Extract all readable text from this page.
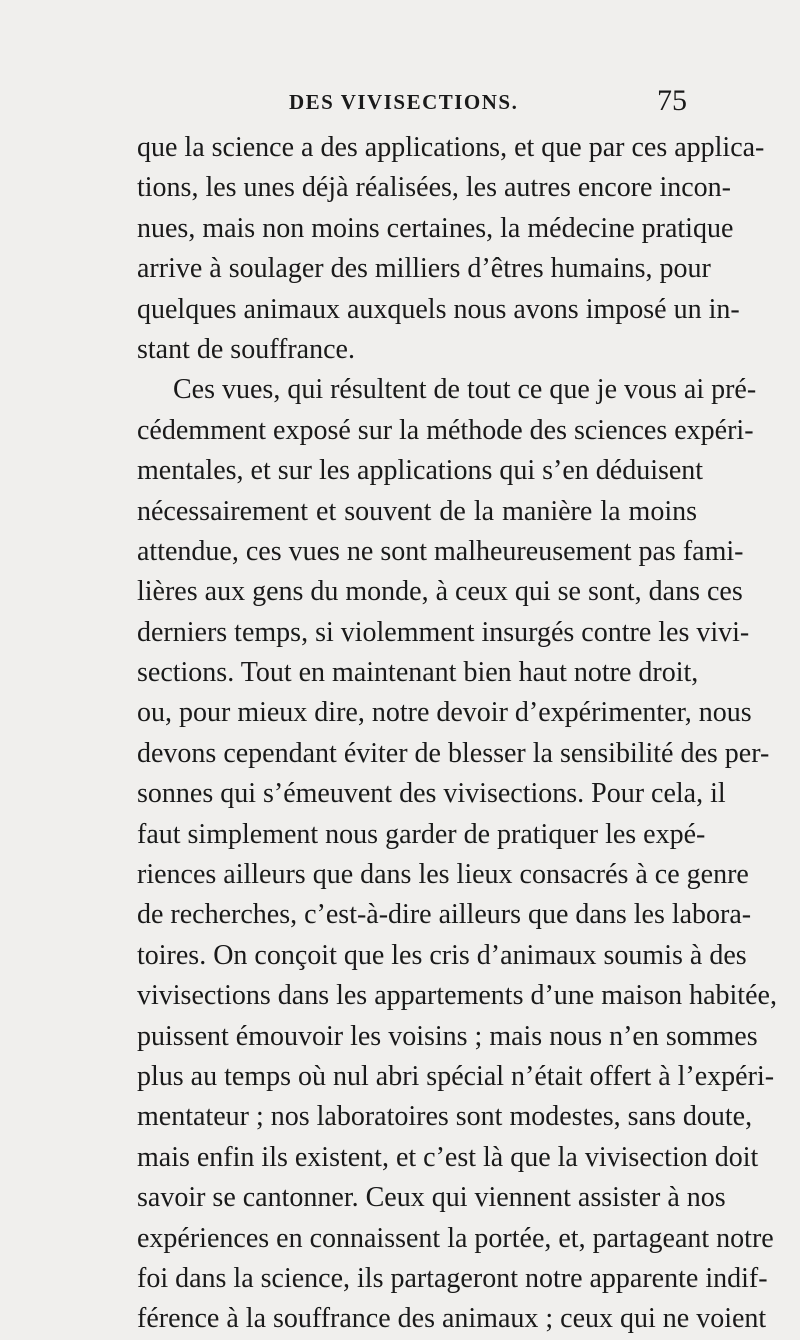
DES VIVISECTIONS.	75
que la science a des applications, et que par ces applica-
tions, les unes déjà réalisées, les autres encore incon-
nues, mais non moins certaines, la médecine pratique
arrive à soulager des milliers d’êtres humains, pour
quelques animaux auxquels nous avons imposé un in-
stant de souffrance.
Ces vues, qui résultent de tout ce que je vous ai pré-
cédemment exposé sur la méthode des sciences expéri-
mentales, et sur les applications qui s’en déduisent
nécessairement et souvent de la manière la moins
attendue, ces vues ne sont malheureusement pas fami-
lières aux gens du monde, à ceux qui se sont, dans ces
derniers temps, si violemment insurgés contre les vivi-
sections. Tout en maintenant bien haut notre droit,
ou, pour mieux dire, notre devoir d’expérimenter, nous
devons cependant éviter de blesser la sensibilité des per-
sonnes qui s’émeuvent des vivisections. Pour cela, il
faut simplement nous garder de pratiquer les expé-
riences ailleurs que dans les lieux consacrés à ce genre
de recherches, c’est-à-dire ailleurs que dans les labora-
toires. On conçoit que les cris d’animaux soumis à des
vivisections dans les appartements d’une maison habitée,
puissent émouvoir les voisins ; mais nous n’en sommes
plus au temps où nul abri spécial n’était offert à l’expéri-
mentateur ; nos laboratoires sont modestes, sans doute,
mais enfin ils existent, et c’est là que la vivisection doit
savoir se cantonner. Ceux qui viennent assister à nos
expériences en connaissent la portée, et, partageant notre
foi dans la science, ils partageront notre apparente indif-
férence à la souffrance des animaux ; ceux qui ne voient
